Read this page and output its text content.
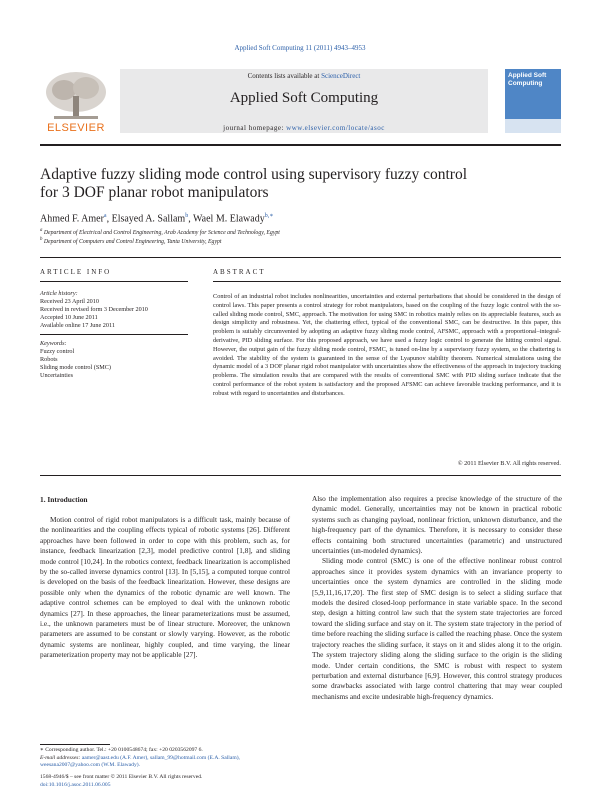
Applied Soft Computing 11 (2011) 4943–4953
Contents lists available at ScienceDirect
Applied Soft Computing
journal homepage: www.elsevier.com/locate/asoc
ELSEVIER
Applied Soft Computing
Adaptive fuzzy sliding mode control using supervisory fuzzy control
for 3 DOF planar robot manipulators
Ahmed F. Amer$^a$, Elsayed A. Sallam$^b$, Wael M. Elawady$^{b,∗}$
$^a$ Department of Electrical and Control Engineering, Arab Academy for Science and Technology, Egypt
$^b$ Department of Computers and Control Engineering, Tanta University, Egypt
ARTICLE INFO	ABSTRACT
Article history:
Received 23 April 2010
Received in revised form 3 December 2010
Accepted 10 June 2011
Available online 17 June 2011
Keywords:
Fuzzy control
Robots
Sliding mode control (SMC)
Uncertainties
Control of an industrial robot includes nonlinearities, uncertainties and external perturbations that should be considered in the design of control laws. This paper presents a control strategy for robot manipulators, based on the coupling of the fuzzy logic control with the so-called sliding mode control, SMC, approach. The motivation for using SMC in robotics mainly relies on its appreciable features, such as design simplicity and robustness. Yet, the chattering effect, typical of the conventional SMC, can be destructive. In this paper, this problem is suitably circumvented by adopting an adaptive fuzzy sliding mode control, AFSMC, approach with a proportional–integral-derivative, PID sliding surface. For this proposed approach, we have used a fuzzy logic control to generate the hitting control signal. However, the output gain of the fuzzy sliding mode control, FSMC, is tuned on-line by a supervisory fuzzy system, so the chattering is avoided. The stability of the system is guaranteed in the sense of the Lyapunov stability theorem. Numerical simulations using the dynamic model of a 3 DOF planar rigid robot manipulator with uncertainties show the effectiveness of the approach in trajectory tracking problems. The simulation results that are compared with the results of conventional SMC with PID sliding surface indicate that the control performance of the robot system is satisfactory and the proposed AFSMC can achieve favorable tracking performance, and it is robust with regard to uncertainties and disturbances.
© 2011 Elsevier B.V. All rights reserved.
1. Introduction

Motion control of rigid robot manipulators is a difficult task, mainly because of the nonlinearities and the coupling effects typical of robotic systems [26]. Different approaches have been followed in order to cope with this problem, such as, for instance, feedback linearization [2,3], model predictive control [1,8], and sliding mode control [10,24]. In the robotics context, feedback linearization is accomplished by the so-called inverse dynamics control [13]. In [5,15], a computed torque control is developed on the basis of the feedback linearization. However, these designs are possible only when the dynamics of the robotic dynamic are well known. The adaptive control schemes can be employed to deal with the unknown robotic dynamics [27]. In these approaches, the linear parameterizations must be assumed, i.e., the unknown parameters must be of linear structure. Moreover, the unknown parameters are assumed to be constant or slowly varying. However, as the robotic dynamic systems are nonlinear, highly coupled, and time varying, the linear parameterization property may not be applicable [27].

Also the implementation also requires a precise knowledge of the structure of the dynamic model. Generally, uncertainties may not be known in practical robotic systems such as changing payload, nonlinear friction, unknown disturbance, and the high-frequency part of the dynamics. Therefore, it is necessary to consider these effects containing both structured uncertainties (parametric) and unstructured uncertainties (un-modeled dynamics).

Sliding mode control (SMC) is one of the effective nonlinear robust control approaches since it provides system dynamics with an invariance property to uncertainties once the system dynamics are controlled in the sliding mode [5,9,11,16,17,20]. The first step of SMC design is to select a sliding surface that models the desired closed-loop performance in state variable space. In the second step, design a hitting control law such that the system state trajectories are forced toward the sliding surface and stay on it. The system state trajectory in the period of time before reaching the sliding surface is called the reaching phase. Once the system trajectory reaches the sliding surface, it stays on it and slides along it to the origin. The system trajectory sliding along the sliding surface to the origin is the sliding mode. Under certain conditions, the SMC is robust with respect to system perturbation and external disturbance [6,9]. However, this control strategy produces some drawbacks associated with large control chattering that may wear coupled mechanisms and excite undesirable high-frequency dynamics.

∗ Corresponding author. Tel.: +20 0100548674; fax: +20 0203562097 6.
E-mail addresses: aamer@aast.edu (A.F. Amer), sallam_99@hotmail.com (E.A. Sallam), weesana2007@yahoo.com (W.M. Elawady).
1568-4946/$ – see front matter © 2011 Elsevier B.V. All rights reserved.
doi:10.1016/j.asoc.2011.06.005
